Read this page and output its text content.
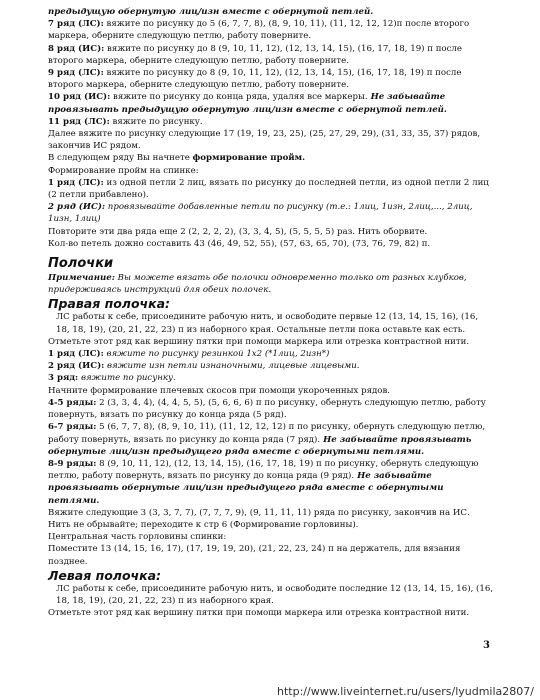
предыдущую обернутую лиц/изн вместе с обернутой петлей.

7 ряд (ЛС): вяжите по рисунку до 5 (6, 7, 7, 8), (8, 9, 10, 11), (11, 12, 12, 12)п после второго маркера, оберните следующую петлю, работу поверните.

8 ряд (ИС): вяжите по рисунку до 8 (9, 10, 11, 12), (12, 13, 14, 15), (16, 17, 18, 19) п после второго маркера, оберните следующую петлю, работу поверните.

9 ряд (ЛС): вяжите по рисунку до 8 (9, 10, 11, 12), (12, 13, 14, 15), (16, 17, 18, 19) п после второго маркера, оберните следующую петлю, работу поверните.

10 ряд (ИС): вяжите по рисунку до конца ряда, удаляя все маркеры. Не забывайте провязывать предыдущую обернутую лиц/изн вместе с обернутой петлей.

11 ряд (ЛС): вяжите по рисунку.

Далее вяжите по рисунку следующие 17 (19, 19, 23, 25), (25, 27, 29, 29), (31, 33, 35, 37) рядов, закончив ИС рядом.

В следующем ряду Вы начнете формирование пройм.

Формирование пройм на спинке:

1 ряд (ЛС): из одной петли 2 лиц, вязать по рисунку до последней петли, из одной петли 2 лиц (2 петли прибавлено).

2 ряд (ИС): провязывайте добавленные петли по рисунку (т.е.: 1лиц, 1изн, 2лиц,..., 2лиц, 1изн, 1лиц)

Повторите эти два ряда еще 2 (2, 2, 2, 2), (3, 3, 4, 5), (5, 5, 5, 5) раз. Нить оборвите.

Кол-во петель дожно составить 43 (46, 49, 52, 55), (57, 63, 65, 70), (73, 76, 79, 82) п.

Полочки

Примечание: Вы можете вязать обе полочки одновременно только от разных клубков, придерживаясь инструкций для обеих полочек.

Правая полочка:

ЛС работы к себе, присоедините рабочую нить, и освободите первые 12 (13, 14, 15, 16), (16, 18, 18, 19), (20, 21, 22, 23) п из наборного края. Остальные петли пока оставьте как есть.

Отметьте этот ряд как вершину пятки при помощи маркера или отрезка контрастной нити.

1 ряд (ЛС): вяжите по рисунку резинкой 1х2 (*1лиц, 2изн*)

2 ряд (ИС): вяжите изн петли изнаночными, лицевые лицевыми.

3 ряд: вяжите по рисунку.

Начните формирование плечевых скосов при помощи укороченных рядов.

4-5 ряды: 2 (3, 3, 4, 4), (4, 4, 5, 5), (5, 6, 6, 6) п по рисунку, обернуть следующую петлю, работу повернуть, вязать по рисунку до конца ряда (5 ряд).

6-7 ряды: 5 (6, 7, 7, 8), (8, 9, 10, 11), (11, 12, 12, 12) п по рисунку, обернуть следующую петлю, работу повернуть, вязать по рисунку до конца ряда (7 ряд). Не забывайте провязывать обернутые лиц/изн предыдущего ряда вместе с обернутыми петлями.

8-9 ряды: 8 (9, 10, 11, 12), (12, 13, 14, 15), (16, 17, 18, 19) п по рисунку, обернуть следующую петлю, работу повернуть, вязать по рисунку до конца ряда (9 ряд). Не забывайте провязывать обернутые лиц/изн предыдущего ряда вместе с обернутыми петлями.

Вяжите следующие 3 (3, 3, 7, 7), (7, 7, 7, 9), (9, 11, 11, 11) ряда по рисунку, закончив на ИС.

Нить не обрывайте; переходите к стр 6 (Формирование горловины).

Центральная часть горловины спинки:

Поместите 13 (14, 15, 16, 17), (17, 19, 19, 20), (21, 22, 23, 24) п на держатель, для вязания позднее.

Левая полочка:

ЛС работы к себе, присоедините рабочую нить, и освободите последние 12 (13, 14, 15, 16), (16, 18, 18, 19), (20, 21, 22, 23) п из наборного края.

Отметьте этот ряд как вершину пятки при помощи маркера или отрезка контрастной нити.

3
http://www.liveinternet.ru/users/lyudmila2807/
